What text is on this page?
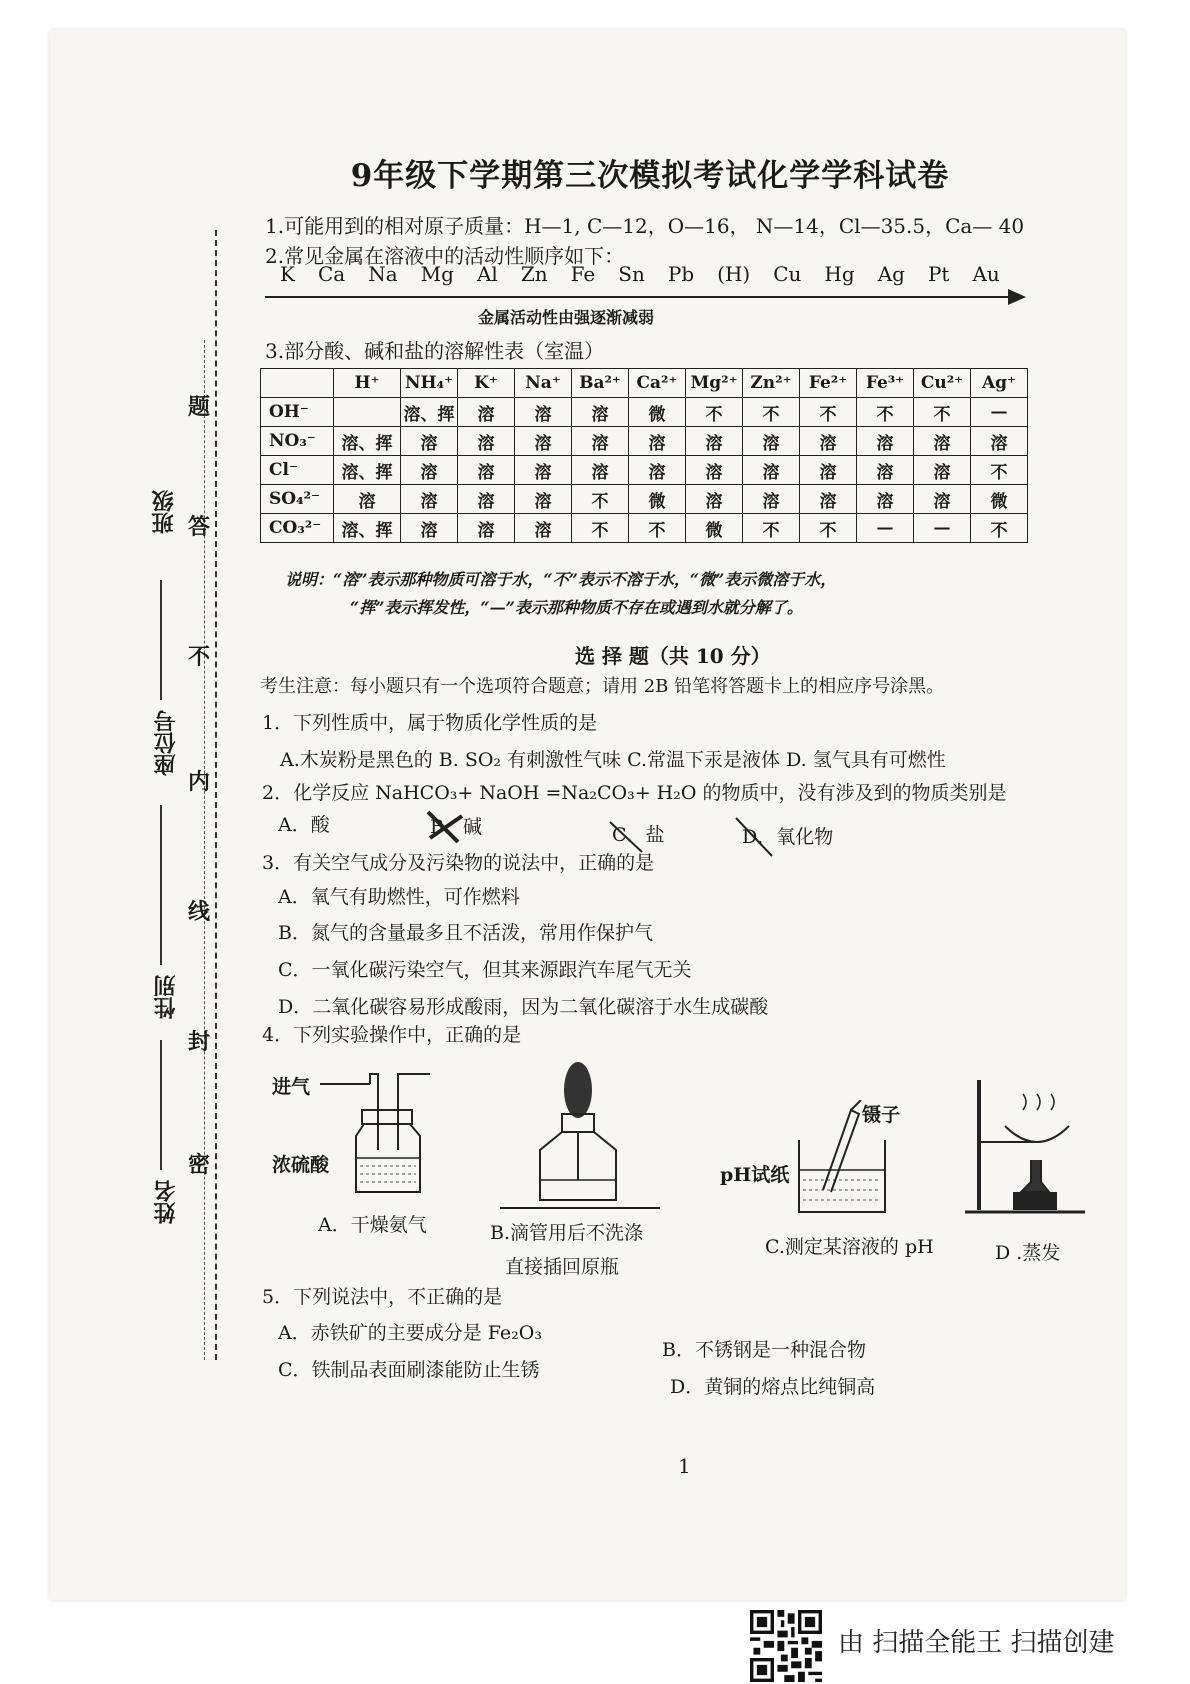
9年级下学期第三次模拟考试化学学科试卷
1.可能用到的相对原子质量：H—1, C—12，O—16， N—14，Cl—35.5，Ca— 40
2.常见金属在溶液中的活动性顺序如下：
K Ca Na Mg Al Zn Fe Sn Pb (H) Cu Hg Ag Pt Au
金属活动性由强逐渐减弱
3.部分酸、碱和盐的溶解性表（室温）
	H⁺	NH₄⁺	K⁺	Na⁺	Ba²⁺	Ca²⁺	Mg²⁺	Zn²⁺	Fe²⁺	Fe³⁺	Cu²⁺	Ag⁺
OH⁻		溶、挥	溶	溶	溶	微	不	不	不	不	不	—
NO₃⁻	溶、挥	溶	溶	溶	溶	溶	溶	溶	溶	溶	溶	溶
Cl⁻	溶、挥	溶	溶	溶	溶	溶	溶	溶	溶	溶	溶	不
SO₄²⁻	溶	溶	溶	溶	不	微	溶	溶	溶	溶	溶	微
CO₃²⁻	溶、挥	溶	溶	溶	不	不	微	不	不	—	—	不
说明：“溶”表示那种物质可溶于水，“不”表示不溶于水，“微”表示微溶于水，
“挥”表示挥发性，“—”表示那种物质不存在或遇到水就分解了。
选 择 题（共 10 分）
考生注意：每小题只有一个选项符合题意；请用 2B 铅笔将答题卡上的相应序号涂黑。
班级
座位号
性别
姓名
题
答
不
内
线
封
密
1．下列性质中，属于物质化学性质的是
A.木炭粉是黑色的 B. SO₂ 有刺激性气味 C.常温下汞是液体 D. 氢气具有可燃性
2．化学反应 NaHCO₃+ NaOH =Na₂CO₃+ H₂O 的物质中，没有涉及到的物质类别是
A．酸	B．碱	C．盐	D．氧化物
3．有关空气成分及污染物的说法中，正确的是
A．氧气有助燃性，可作燃料
B．氮气的含量最多且不活泼，常用作保护气
C．一氧化碳污染空气，但其来源跟汽车尾气无关
D．二氧化碳容易形成酸雨，因为二氧化碳溶于水生成碳酸
4．下列实验操作中，正确的是
进气
浓硫酸
A．干燥氨气	B.滴管用后不洗涤
直接插回原瓶
镊子
pH试纸
C.测定某溶液的 pH	D .蒸发
5．下列说法中，不正确的是
A．赤铁矿的主要成分是 Fe₂O₃
B．不锈钢是一种混合物
C．铁制品表面刷漆能防止生锈
D．黄铜的熔点比纯铜高
1
由 扫描全能王 扫描创建
